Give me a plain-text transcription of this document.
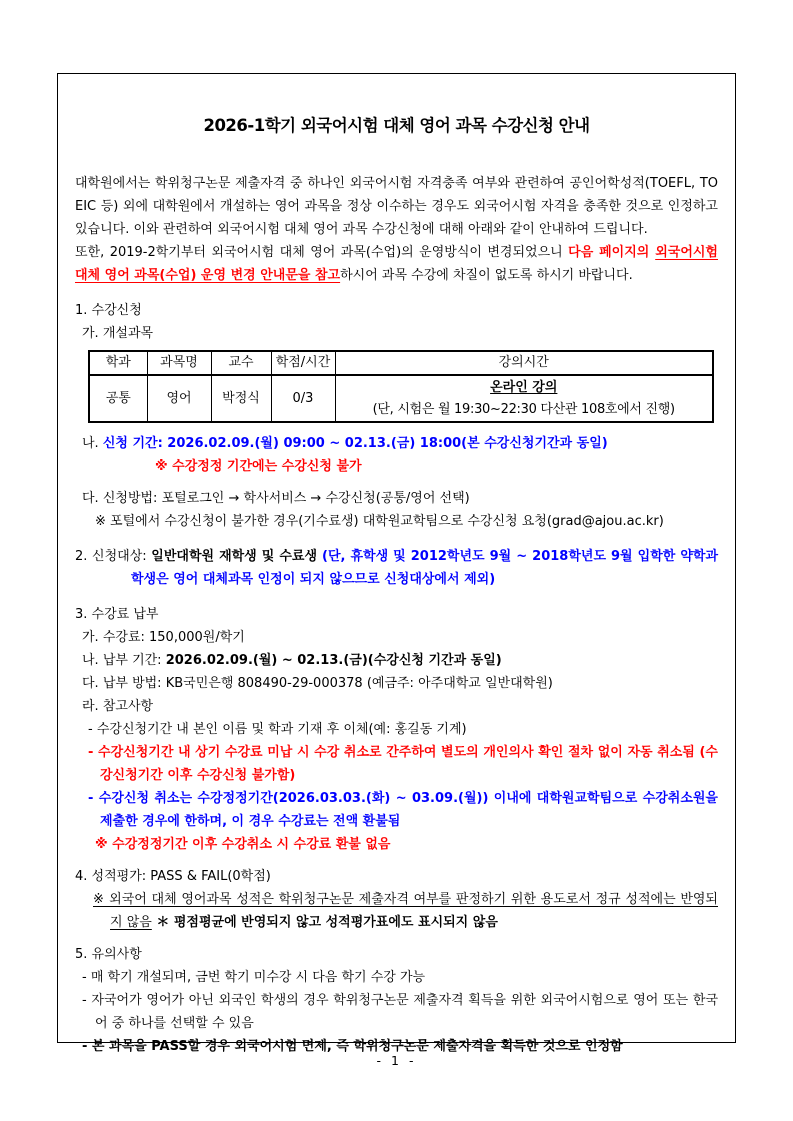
2026-1학기 외국어시험 대체 영어 과목 수강신청 안내

대학원에서는 학위청구논문 제출자격 중 하나인 외국어시험 자격충족 여부와 관련하여 공인어학성적(TOEFL, TOEIC 등) 외에 대학원에서 개설하는 영어 과목을 정상 이수하는 경우도 외국어시험 자격을 충족한 것으로 인정하고 있습니다. 이와 관련하여 외국어시험 대체 영어 과목 수강신청에 대해 아래와 같이 안내하여 드립니다.

또한, 2019-2학기부터 외국어시험 대체 영어 과목(수업)의 운영방식이 변경되었으니 다음 페이지의 외국어시험 대체 영어 과목(수업) 운영 변경 안내문을 참고하시어 과목 수강에 차질이 없도록 하시기 바랍니다.

1. 수강신청

가. 개설과목

학과	과목명	교수	학점/시간	강의시간
공통	영어	박정식	0/3	온라인 강의
(단, 시험은 월 19:30~22:30 다산관 108호에서 진행)

나. 신청 기간: 2026.02.09.(월) 09:00 ~ 02.13.(금) 18:00(본 수강신청기간과 동일)

※ 수강정정 기간에는 수강신청 불가

다. 신청방법: 포털로그인 → 학사서비스 → 수강신청(공통/영어 선택)

※ 포털에서 수강신청이 불가한 경우(기수료생) 대학원교학팀으로 수강신청 요청(grad@ajou.ac.kr)

2. 신청대상: 일반대학원 재학생 및 수료생 (단, 휴학생 및 2012학년도 9월 ~ 2018학년도 9월 입학한 약학과 학생은 영어 대체과목 인정이 되지 않으므로 신청대상에서 제외)

3. 수강료 납부

가. 수강료: 150,000원/학기

나. 납부 기간: 2026.02.09.(월) ~ 02.13.(금)(수강신청 기간과 동일)

다. 납부 방법: KB국민은행 808490-29-000378 (예금주: 아주대학교 일반대학원)

라. 참고사항

- 수강신청기간 내 본인 이름 및 학과 기재 후 이체(예: 홍길동 기계)

- 수강신청기간 내 상기 수강료 미납 시 수강 취소로 간주하여 별도의 개인의사 확인 절차 없이 자동 취소됨 (수강신청기간 이후 수강신청 불가함)

- 수강신청 취소는 수강정정기간(2026.03.03.(화) ~ 03.09.(월)) 이내에 대학원교학팀으로 수강취소원을 제출한 경우에 한하며, 이 경우 수강료는 전액 환불됨

※ 수강정정기간 이후 수강취소 시 수강료 환불 없음

4. 성적평가: PASS & FAIL(0학점)

※ 외국어 대체 영어과목 성적은 학위청구논문 제출자격 여부를 판정하기 위한 용도로서 정규 성적에는 반영되지 않음 ＊ 평점평균에 반영되지 않고 성적평가표에도 표시되지 않음

5. 유의사항

- 매 학기 개설되며, 금번 학기 미수강 시 다음 학기 수강 가능

- 자국어가 영어가 아닌 외국인 학생의 경우 학위청구논문 제출자격 획득을 위한 외국어시험으로 영어 또는 한국어 중 하나를 선택할 수 있음

- 본 과목을 PASS할 경우 외국어시험 면제, 즉 학위청구논문 제출자격을 획득한 것으로 인정함

- 1 -
